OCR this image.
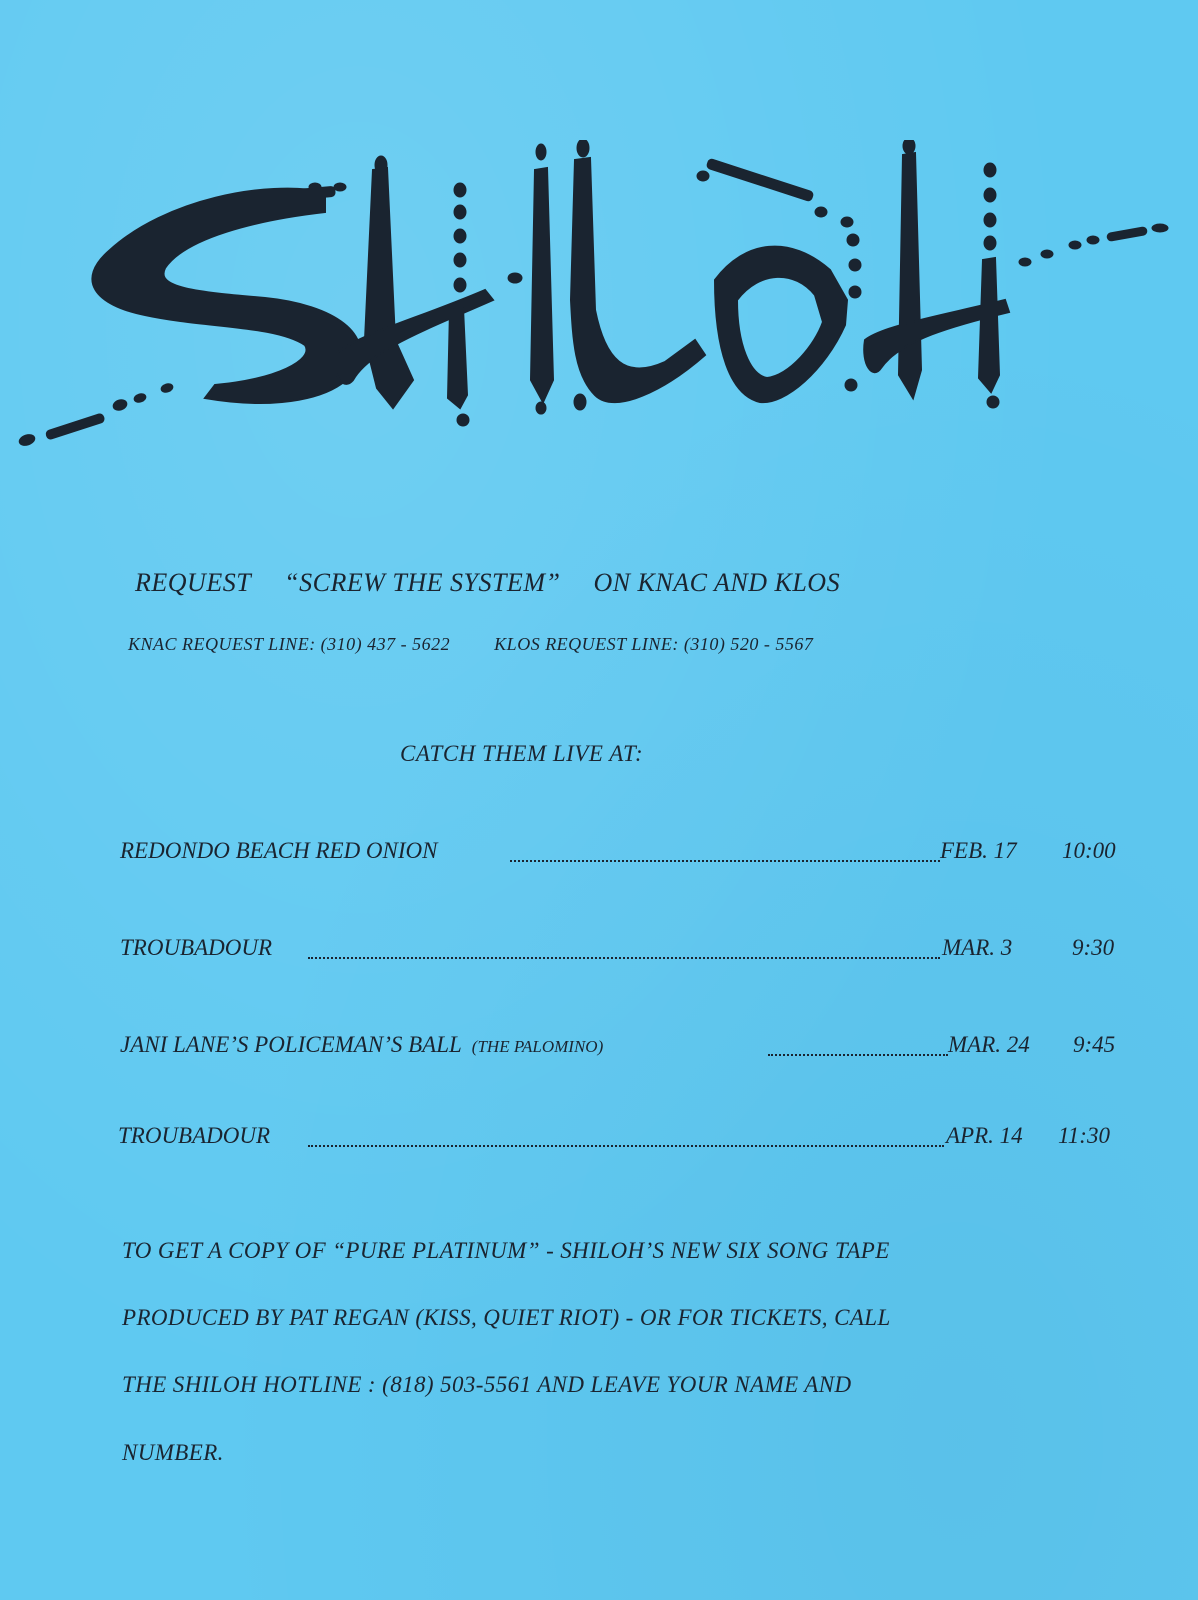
REQUEST “SCREW THE SYSTEM” ON KNAC AND KLOS
KNAC REQUEST LINE: (310) 437 - 5622 KLOS REQUEST LINE: (310) 520 - 5567
CATCH THEM LIVE AT:
REDONDO BEACH RED ONION	FEB. 17 10:00
TROUBADOUR	MAR. 3	9:30
JANI LANE’S POLICEMAN’S BALL (THE PALOMINO)	MAR. 24 9:45
TROUBADOUR	APR. 14 11:30
TO GET A COPY OF “PURE PLATINUM” - SHILOH’S NEW SIX SONG TAPE
PRODUCED BY PAT REGAN (KISS, QUIET RIOT) - OR FOR TICKETS, CALL
THE SHILOH HOTLINE : (818) 503-5561 AND LEAVE YOUR NAME AND
NUMBER.
